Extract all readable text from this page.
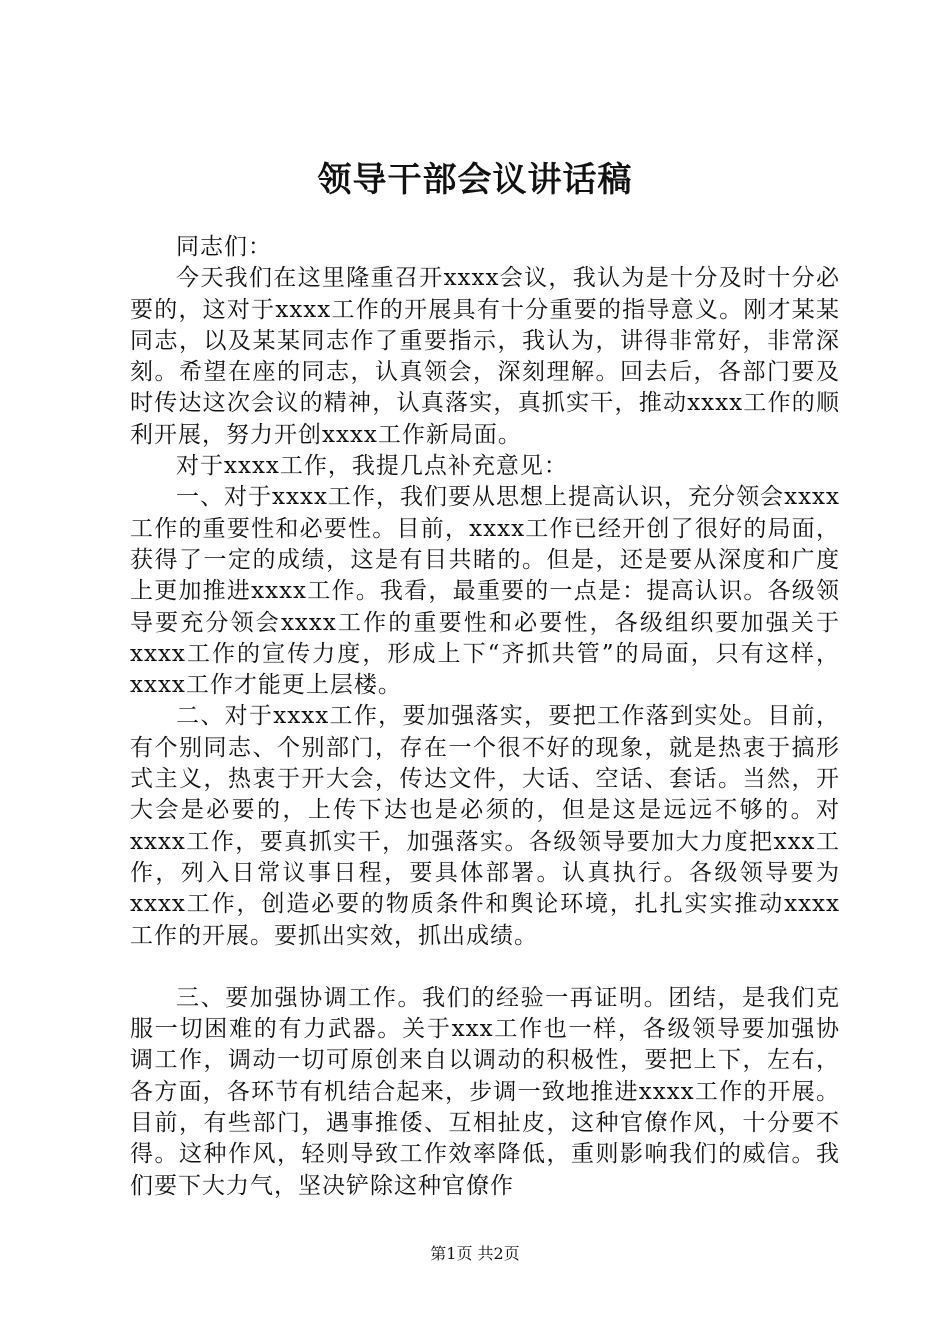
领导干部会议讲话稿

同志们：

今天我们在这里隆重召开xxxx会议，我认为是十分及时十分必要的，这对于xxxx工作的开展具有十分重要的指导意义。刚才某某同志，以及某某同志作了重要指示，我认为，讲得非常好，非常深刻。希望在座的同志，认真领会，深刻理解。回去后，各部门要及时传达这次会议的精神，认真落实，真抓实干，推动xxxx工作的顺利开展，努力开创xxxx工作新局面。

对于xxxx工作，我提几点补充意见：

一、对于xxxx工作，我们要从思想上提高认识，充分领会xxxx工作的重要性和必要性。目前，xxxx工作已经开创了很好的局面，获得了一定的成绩，这是有目共睹的。但是，还是要从深度和广度上更加推进xxxx工作。我看，最重要的一点是：提高认识。各级领导要充分领会xxxx工作的重要性和必要性，各级组织要加强关于xxxx工作的宣传力度，形成上下“齐抓共管”的局面，只有这样，xxxx工作才能更上层楼。

二、对于xxxx工作，要加强落实，要把工作落到实处。目前，有个别同志、个别部门，存在一个很不好的现象，就是热衷于搞形式主义，热衷于开大会，传达文件，大话、空话、套话。当然，开大会是必要的，上传下达也是必须的，但是这是远远不够的。对xxxx工作，要真抓实干，加强落实。各级领导要加大力度把xxx工作，列入日常议事日程，要具体部署。认真执行。各级领导要为xxxx工作，创造必要的物质条件和舆论环境，扎扎实实推动xxxx工作的开展。要抓出实效，抓出成绩。

三、要加强协调工作。我们的经验一再证明。团结，是我们克服一切困难的有力武器。关于xxx工作也一样，各级领导要加强协调工作，调动一切可原创来自以调动的积极性，要把上下，左右，各方面，各环节有机结合起来，步调一致地推进xxxx工作的开展。目前，有些部门，遇事推倭、互相扯皮，这种官僚作风，十分要不得。这种作风，轻则导致工作效率降低，重则影响我们的威信。我们要下大力气，坚决铲除这种官僚作

第1页 共2页
